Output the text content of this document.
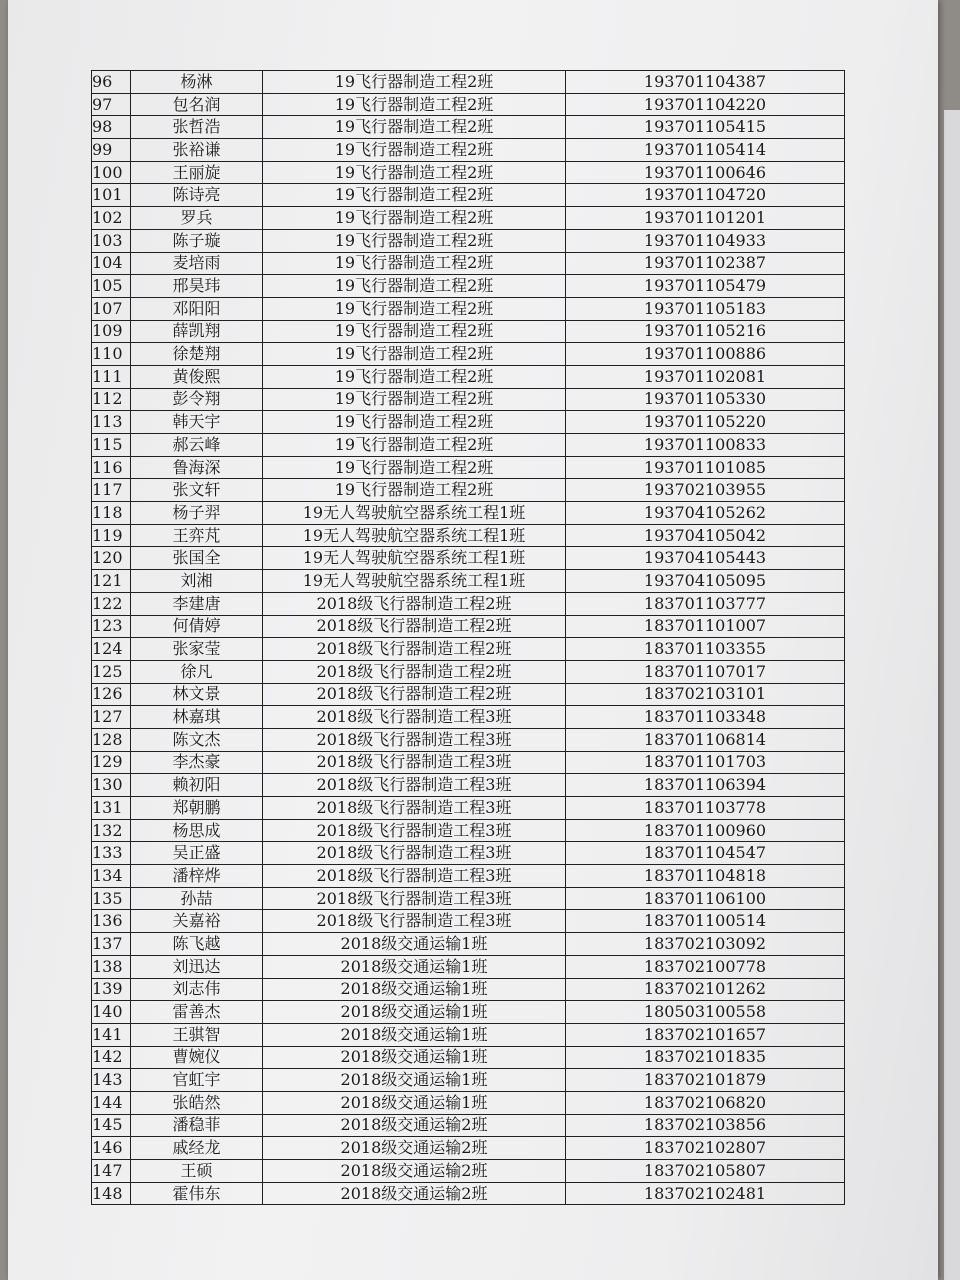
96	杨淋	19飞行器制造工程2班	193701104387
97	包名润	19飞行器制造工程2班	193701104220
98	张哲浩	19飞行器制造工程2班	193701105415
99	张裕谦	19飞行器制造工程2班	193701105414
100	王丽旋	19飞行器制造工程2班	193701100646
101	陈诗亮	19飞行器制造工程2班	193701104720
102	罗兵	19飞行器制造工程2班	193701101201
103	陈子璇	19飞行器制造工程2班	193701104933
104	麦培雨	19飞行器制造工程2班	193701102387
105	邢昊玮	19飞行器制造工程2班	193701105479
107	邓阳阳	19飞行器制造工程2班	193701105183
109	薛凯翔	19飞行器制造工程2班	193701105216
110	徐楚翔	19飞行器制造工程2班	193701100886
111	黄俊熙	19飞行器制造工程2班	193701102081
112	彭令翔	19飞行器制造工程2班	193701105330
113	韩天宇	19飞行器制造工程2班	193701105220
115	郝云峰	19飞行器制造工程2班	193701100833
116	鲁海深	19飞行器制造工程2班	193701101085
117	张文轩	19飞行器制造工程2班	193702103955
118	杨子羿	19无人驾驶航空器系统工程1班	193704105262
119	王弈芃	19无人驾驶航空器系统工程1班	193704105042
120	张国全	19无人驾驶航空器系统工程1班	193704105443
121	刘湘	19无人驾驶航空器系统工程1班	193704105095
122	李建唐	2018级飞行器制造工程2班	183701103777
123	何倩婷	2018级飞行器制造工程2班	183701101007
124	张家莹	2018级飞行器制造工程2班	183701103355
125	徐凡	2018级飞行器制造工程2班	183701107017
126	林文景	2018级飞行器制造工程2班	183702103101
127	林嘉琪	2018级飞行器制造工程3班	183701103348
128	陈文杰	2018级飞行器制造工程3班	183701106814
129	李杰豪	2018级飞行器制造工程3班	183701101703
130	赖初阳	2018级飞行器制造工程3班	183701106394
131	郑朝鹏	2018级飞行器制造工程3班	183701103778
132	杨思成	2018级飞行器制造工程3班	183701100960
133	吴正盛	2018级飞行器制造工程3班	183701104547
134	潘梓烨	2018级飞行器制造工程3班	183701104818
135	孙喆	2018级飞行器制造工程3班	183701106100
136	关嘉裕	2018级飞行器制造工程3班	183701100514
137	陈飞越	2018级交通运输1班	183702103092
138	刘迅达	2018级交通运输1班	183702100778
139	刘志伟	2018级交通运输1班	183702101262
140	雷善杰	2018级交通运输1班	180503100558
141	王骐智	2018级交通运输1班	183702101657
142	曹婉仪	2018级交通运输1班	183702101835
143	官虹宇	2018级交通运输1班	183702101879
144	张皓然	2018级交通运输1班	183702106820
145	潘稳菲	2018级交通运输2班	183702103856
146	戚经龙	2018级交通运输2班	183702102807
147	王硕	2018级交通运输2班	183702105807
148	霍伟东	2018级交通运输2班	183702102481
